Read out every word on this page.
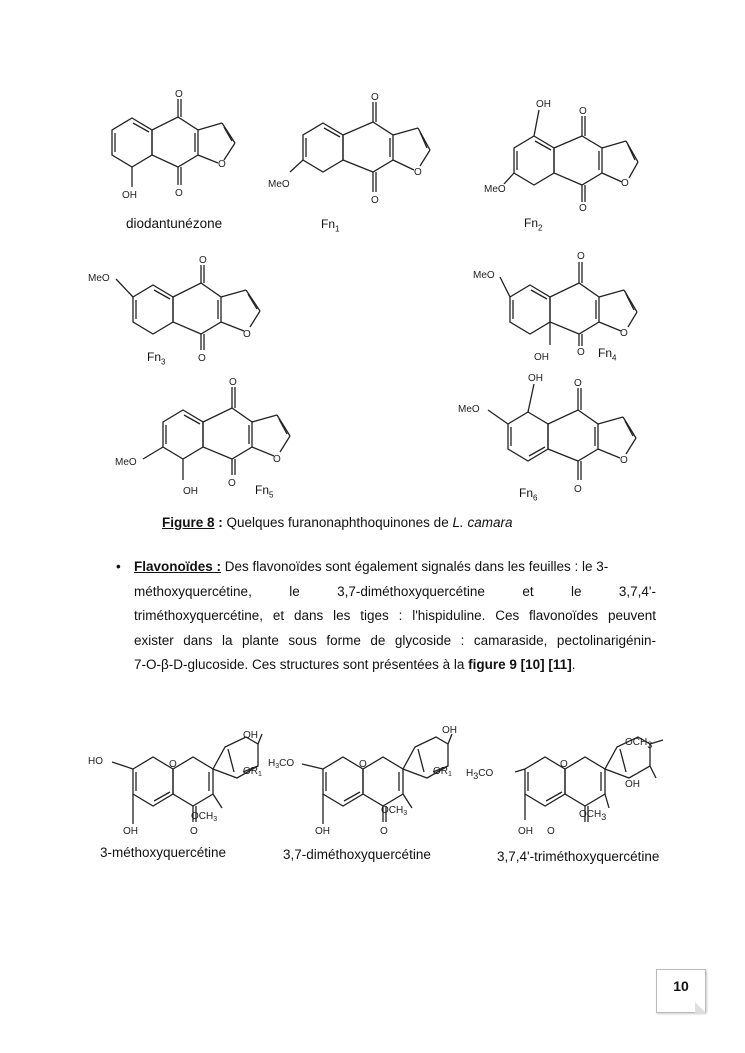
O
O
O
OH
diodantunézone
O
O
O
MeO
$Fn_1$
OH
O
O
O
MeO
$Fn_2$
MeO
O
O
O
$Fn_3$
MeO
O
O
O
OH	$Fn_4$
O
O
O
MeO
OH	$Fn_5$
OH	O
O
O
MeO
$Fn_6$
Figure 8 : Quelques furanonaphthoquinones de L. camara
• Flavonoïdes : Des flavonoïdes sont également signalés dans les feuilles : le 3-
méthoxyquercétine,     le     3,7-diméthoxyquercétine     et     le     3,7,4'-
triméthoxyquercétine, et dans les tiges : l'hispiduline. Ces flavonoïdes peuvent
exister dans la plante sous forme de glycoside : camaraside, pectolinarigénin-
7-O-β-D-glucoside. Ces structures sont présentées à la figure 9 [10] [11].
HO	O
OH
OH	O
$OR_1$
$OCH_3$
3-méthoxyquercétine
$H_3CO$	O
OH
OH	O
$OR_1$
$OCH_3$
3,7-diméthoxyquercétine
H3CO
O
OCH3
OH
OCH3
OH O
3,7,4'-triméthoxyquercétine
10
